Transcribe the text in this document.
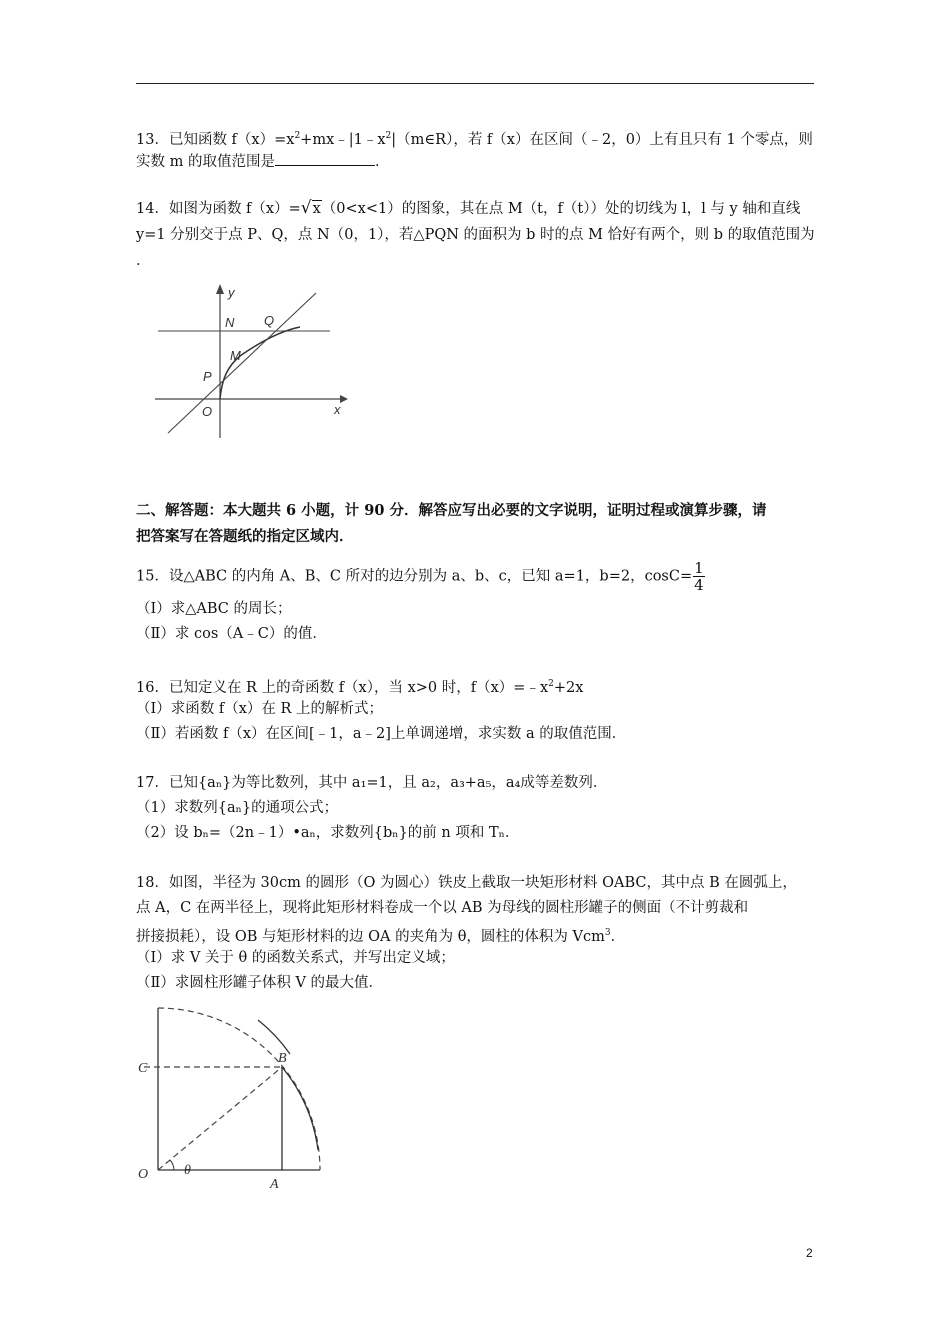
13．已知函数 $f(x)=x^2+mx﹣|1﹣x^2|(m\in R)$，若 f（x）在区间（﹣2，0）上有且只有 1 个零点，则
实数 m 的取值范围是	．
14．如图为函数 f（x）=√x（0<x<1）的图象，其在点 M（t，f（t））处的切线为 l，l 与 y 轴和直线
y=1 分别交于点 P、Q，点 N（0，1），若△PQN 的面积为 b 时的点 M 恰好有两个，则 b 的取值范围为
．
y
x
N Q
M
P
O
二、解答题：本大题共 6 小题，计 90 分．解答应写出必要的文字说明，证明过程或演算步骤，请
把答案写在答题纸的指定区域内．
15．设△ABC 的内角 A、B、C 所对的边分别为 a、b、c，已知 a=1，b=2，$\cos C= \frac{1}{4}$
（Ⅰ）求△ABC 的周长；
（Ⅱ）求 cos（A﹣C）的值．
16．已知定义在 R 上的奇函数 f（x），当 x>0 时，$f(x)=﹣x^2+2x$
（Ⅰ）求函数 f（x）在 R 上的解析式；
（Ⅱ）若函数 f（x）在区间[﹣1，a﹣2]上单调递增，求实数 a 的取值范围．
17．已知{aₙ}为等比数列，其中 a₁=1，且 a₂，a₃+a₅，a₄成等差数列．
（1）求数列{aₙ}的通项公式；
（2）设 bₙ=（2n﹣1）•aₙ，求数列{bₙ}的前 n 项和 Tₙ．
18．如图，半径为 30cm 的圆形（O 为圆心）铁皮上截取一块矩形材料 OABC，其中点 B 在圆弧上，
点 A，C 在两半径上，现将此矩形材料卷成一个以 AB 为母线的圆柱形罐子的侧面（不计剪裁和
拼接损耗），设 OB 与矩形材料的边 OA 的夹角为 θ，圆柱的体积为 Vcm$^3$．
（Ⅰ）求 V 关于 θ 的函数关系式，并写出定义域；
（Ⅱ）求圆柱形罐子体积 V 的最大值．
C
B
O	θ
A
2
